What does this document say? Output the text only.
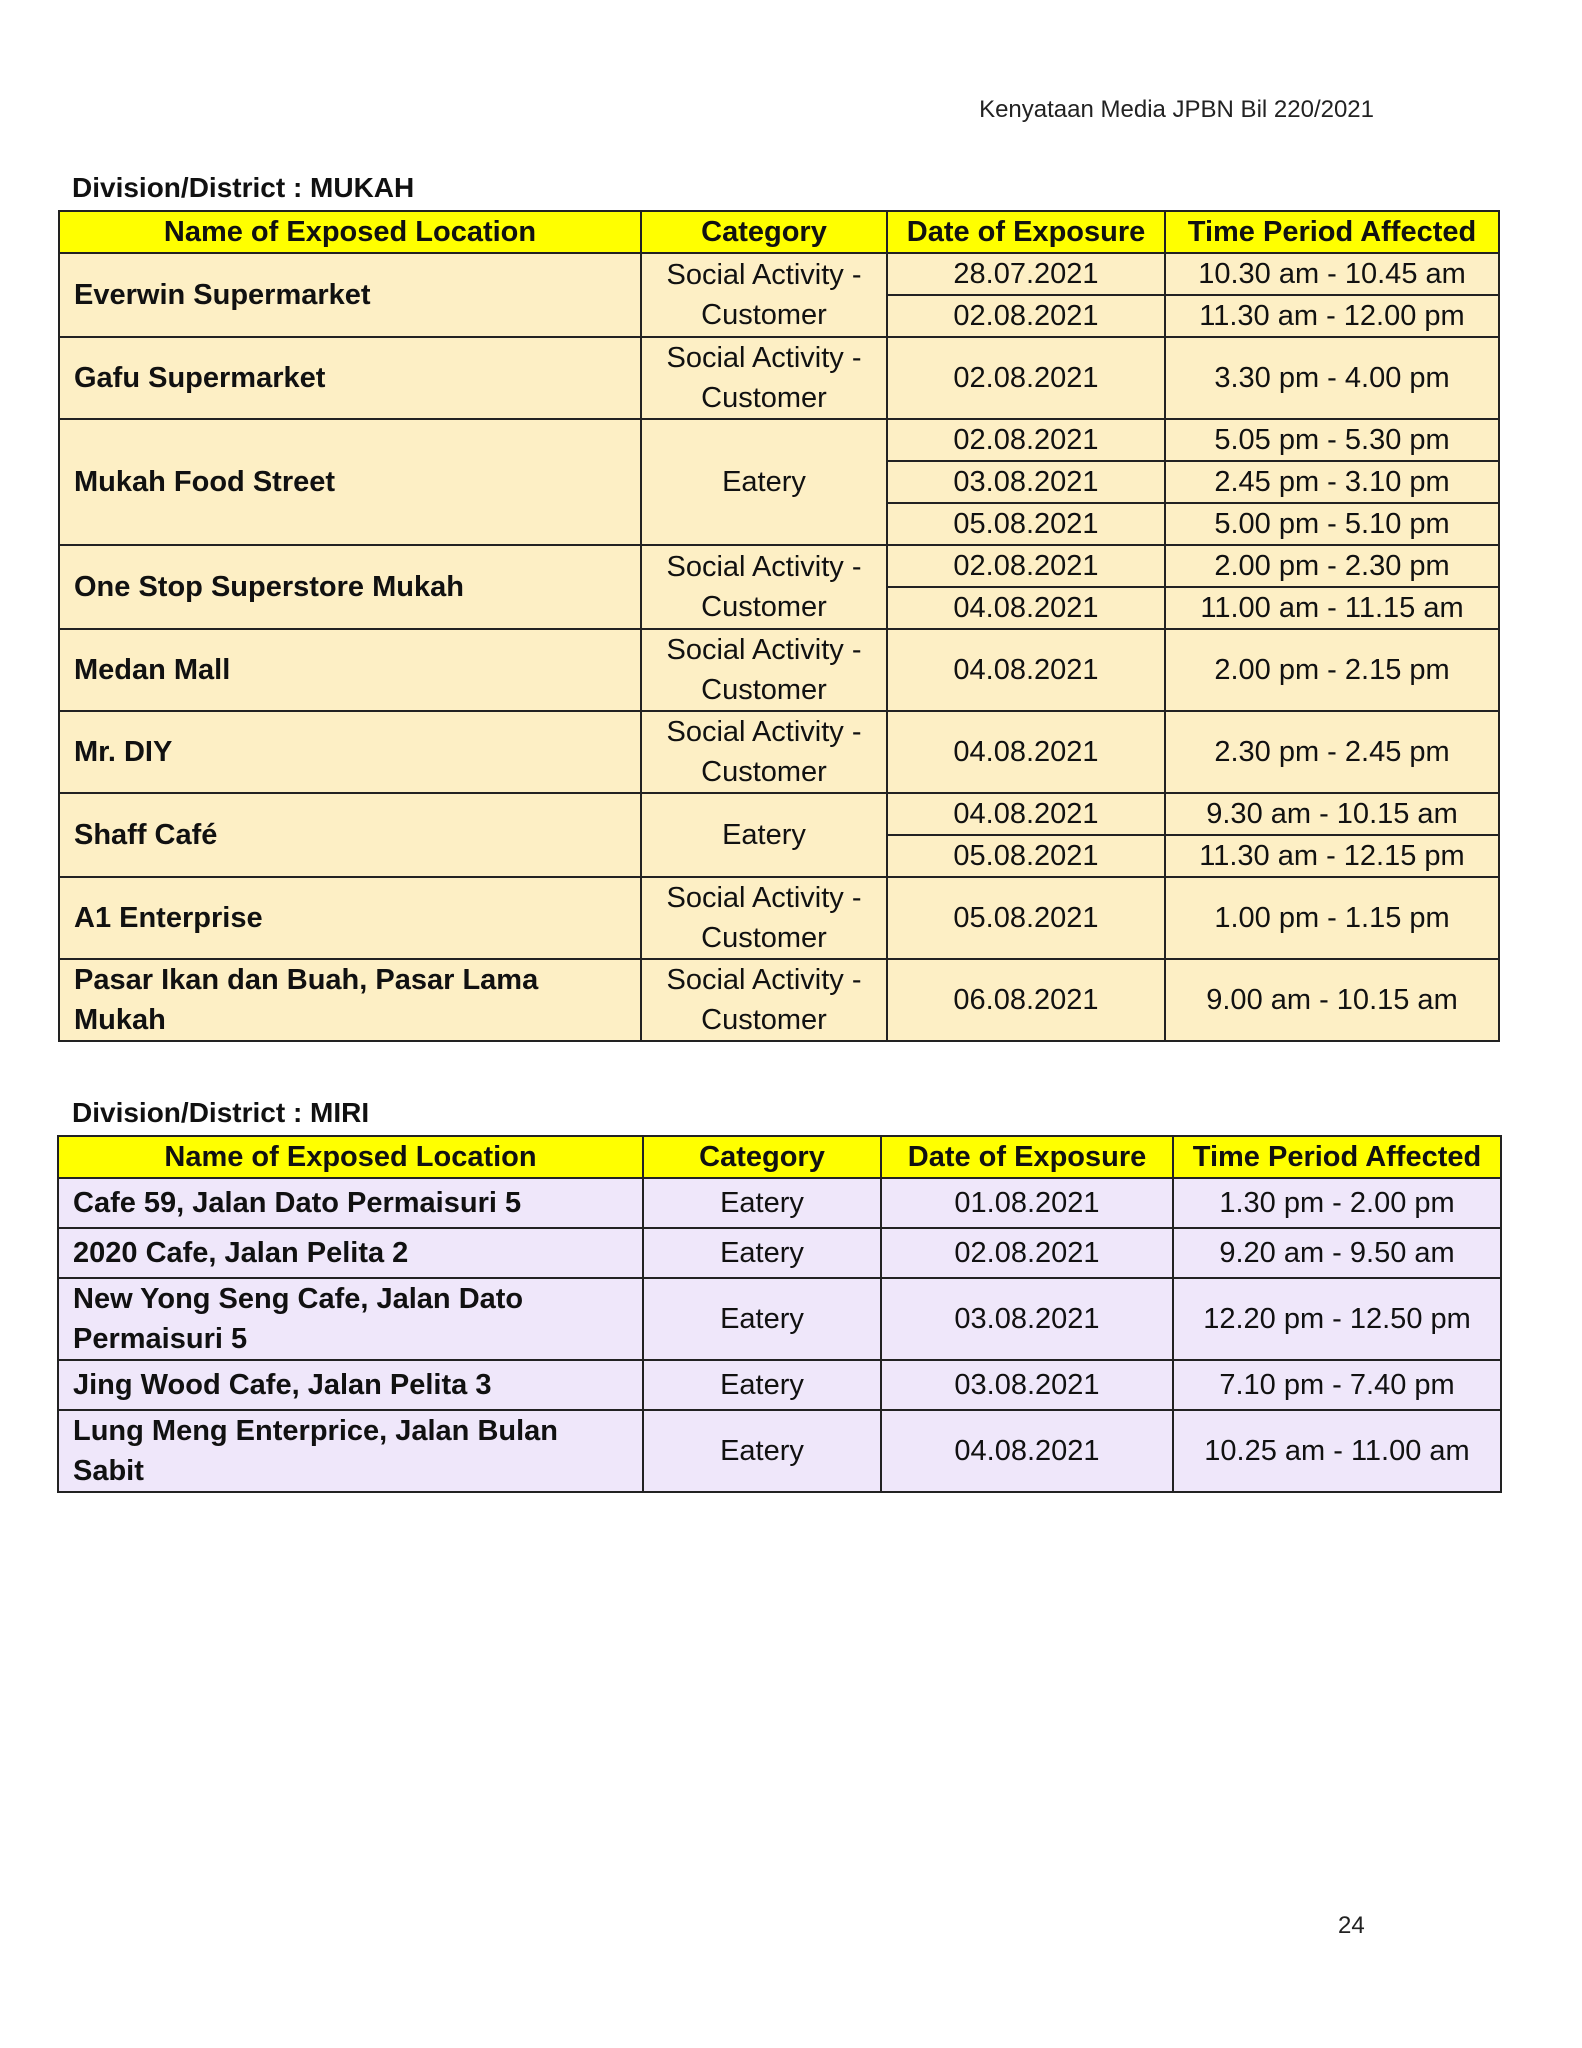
Kenyataan Media JPBN Bil 220/2021
Division/District : MUKAH
Name of Exposed Location	Category	Date of Exposure	Time Period Affected
Everwin Supermarket	Social Activity - Customer	28.07.2021	10.30 am - 10.45 am
		02.08.2021	11.30 am - 12.00 pm
Gafu Supermarket	Social Activity - Customer	02.08.2021	3.30 pm - 4.00 pm
Mukah Food Street	Eatery	02.08.2021	5.05 pm - 5.30 pm
		03.08.2021	2.45 pm - 3.10 pm
		05.08.2021	5.00 pm - 5.10 pm
One Stop Superstore Mukah	Social Activity - Customer	02.08.2021	2.00 pm - 2.30 pm
		04.08.2021	11.00 am - 11.15 am
Medan Mall	Social Activity - Customer	04.08.2021	2.00 pm - 2.15 pm
Mr. DIY	Social Activity - Customer	04.08.2021	2.30 pm - 2.45 pm
Shaff Café	Eatery	04.08.2021	9.30 am - 10.15 am
		05.08.2021	11.30 am - 12.15 pm
A1 Enterprise	Social Activity - Customer	05.08.2021	1.00 pm - 1.15 pm
Pasar Ikan dan Buah, Pasar Lama Mukah	Social Activity - Customer	06.08.2021	9.00 am - 10.15 am
Division/District : MIRI
Name of Exposed Location	Category	Date of Exposure	Time Period Affected
Cafe 59, Jalan Dato Permaisuri 5	Eatery	01.08.2021	1.30 pm - 2.00 pm
2020 Cafe, Jalan Pelita 2	Eatery	02.08.2021	9.20 am - 9.50 am
New Yong Seng Cafe, Jalan Dato Permaisuri 5	Eatery	03.08.2021	12.20 pm - 12.50 pm
Jing Wood Cafe, Jalan Pelita 3	Eatery	03.08.2021	7.10 pm - 7.40 pm
Lung Meng Enterprice, Jalan Bulan Sabit	Eatery	04.08.2021	10.25 am - 11.00 am
24
